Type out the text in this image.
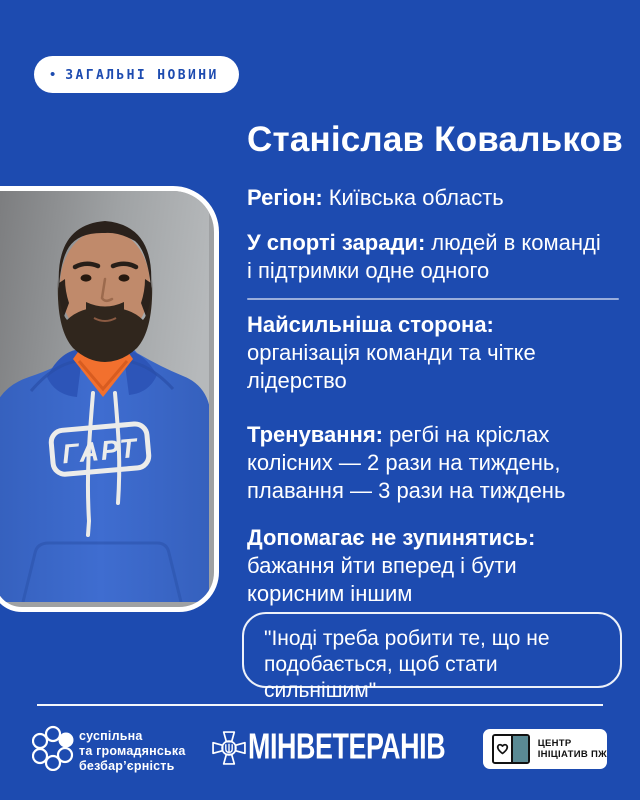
• ЗАГАЛЬНІ НОВИНИ
Станіслав Ковальков
ГАРТ
Регіон: Київська область
У спорті заради: людей в команді
і підтримки одне одного
Найсильніша сторона:
організація команди та чітке
лідерство
Тренування: регбі на кріслах
колісних — 2 рази на тиждень,
плавання — 3 рази на тиждень
Допомагає не зупинятись:
бажання йти вперед і бути
корисним іншим
"Іноді треба робити те, що не
подобається, щоб стати сильнішим"
суспільна
та громадянська
безбар’єрність	МІНВЕТЕРАНІВ	ЦЕНТР
ІНІЦІАТИВ ПЖ
